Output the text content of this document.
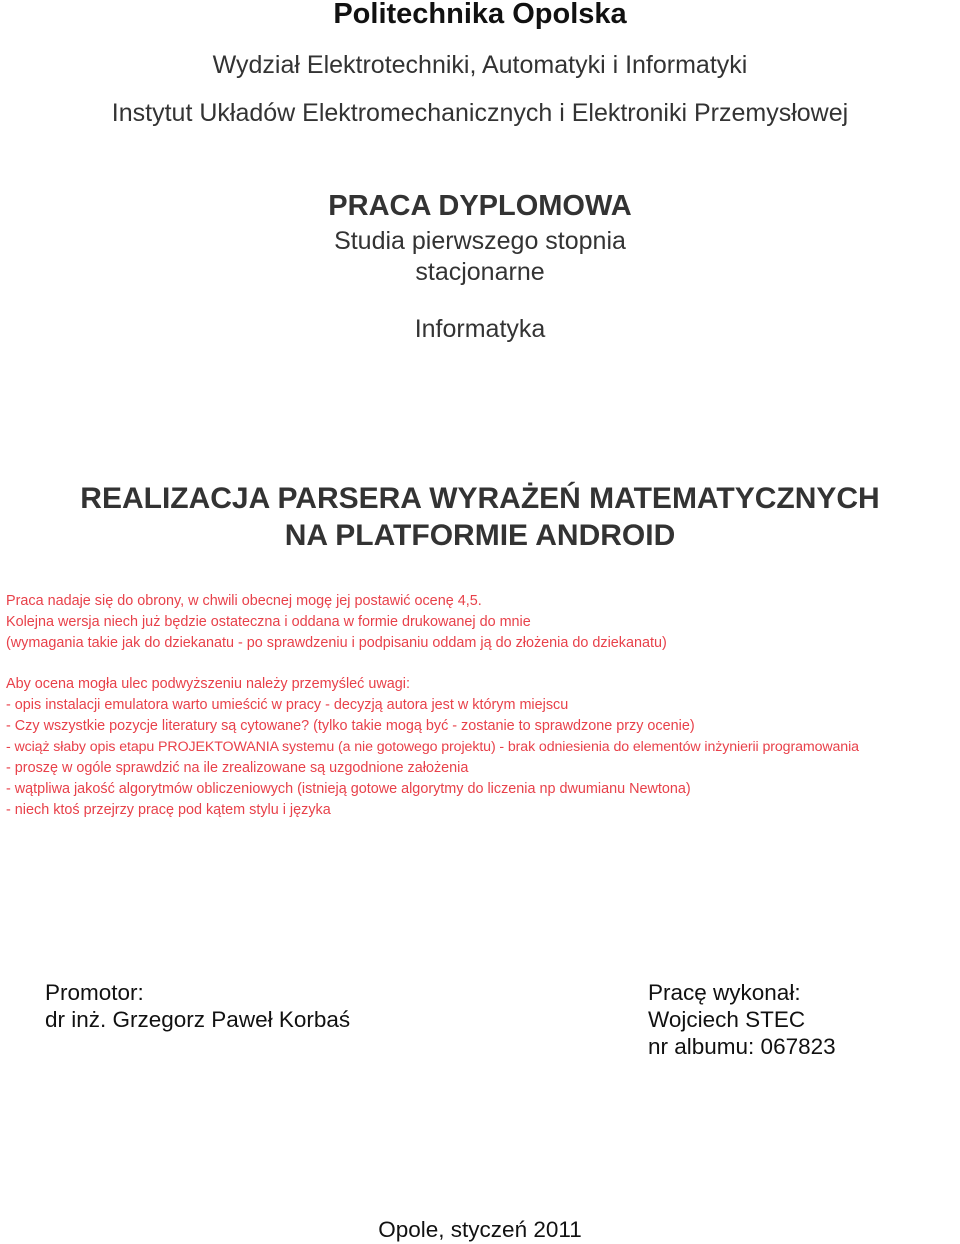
Politechnika Opolska
Wydział Elektrotechniki, Automatyki i Informatyki
Instytut Układów Elektromechanicznych i Elektroniki Przemysłowej
PRACA DYPLOMOWA
Studia pierwszego stopnia
stacjonarne
Informatyka
REALIZACJA PARSERA WYRAŻEŃ MATEMATYCZNYCH
NA PLATFORMIE ANDROID
Praca nadaje się do obrony, w chwili obecnej mogę jej postawić ocenę 4,5.
Kolejna wersja niech już będzie ostateczna i oddana w formie drukowanej do mnie
(wymagania takie jak do dziekanatu - po sprawdzeniu i podpisaniu oddam ją do złożenia do dziekanatu)
Aby ocena mogła ulec podwyższeniu należy przemyśleć uwagi:
- opis instalacji emulatora warto umieścić w pracy - decyzją autora jest w którym miejscu
- Czy wszystkie pozycje literatury są cytowane? (tylko takie mogą być - zostanie to sprawdzone przy ocenie)
- wciąż słaby opis etapu PROJEKTOWANIA systemu (a nie gotowego projektu) - brak odniesienia do elementów inżynierii programowania
- proszę w ogóle sprawdzić na ile zrealizowane są uzgodnione założenia
- wątpliwa jakość algorytmów obliczeniowych (istnieją gotowe algorytmy do liczenia np dwumianu Newtona)
- niech ktoś przejrzy pracę pod kątem stylu i języka
Promotor:
dr inż. Grzegorz Paweł Korbaś
Pracę wykonał:
Wojciech STEC
nr albumu: 067823
Opole, styczeń 2011
